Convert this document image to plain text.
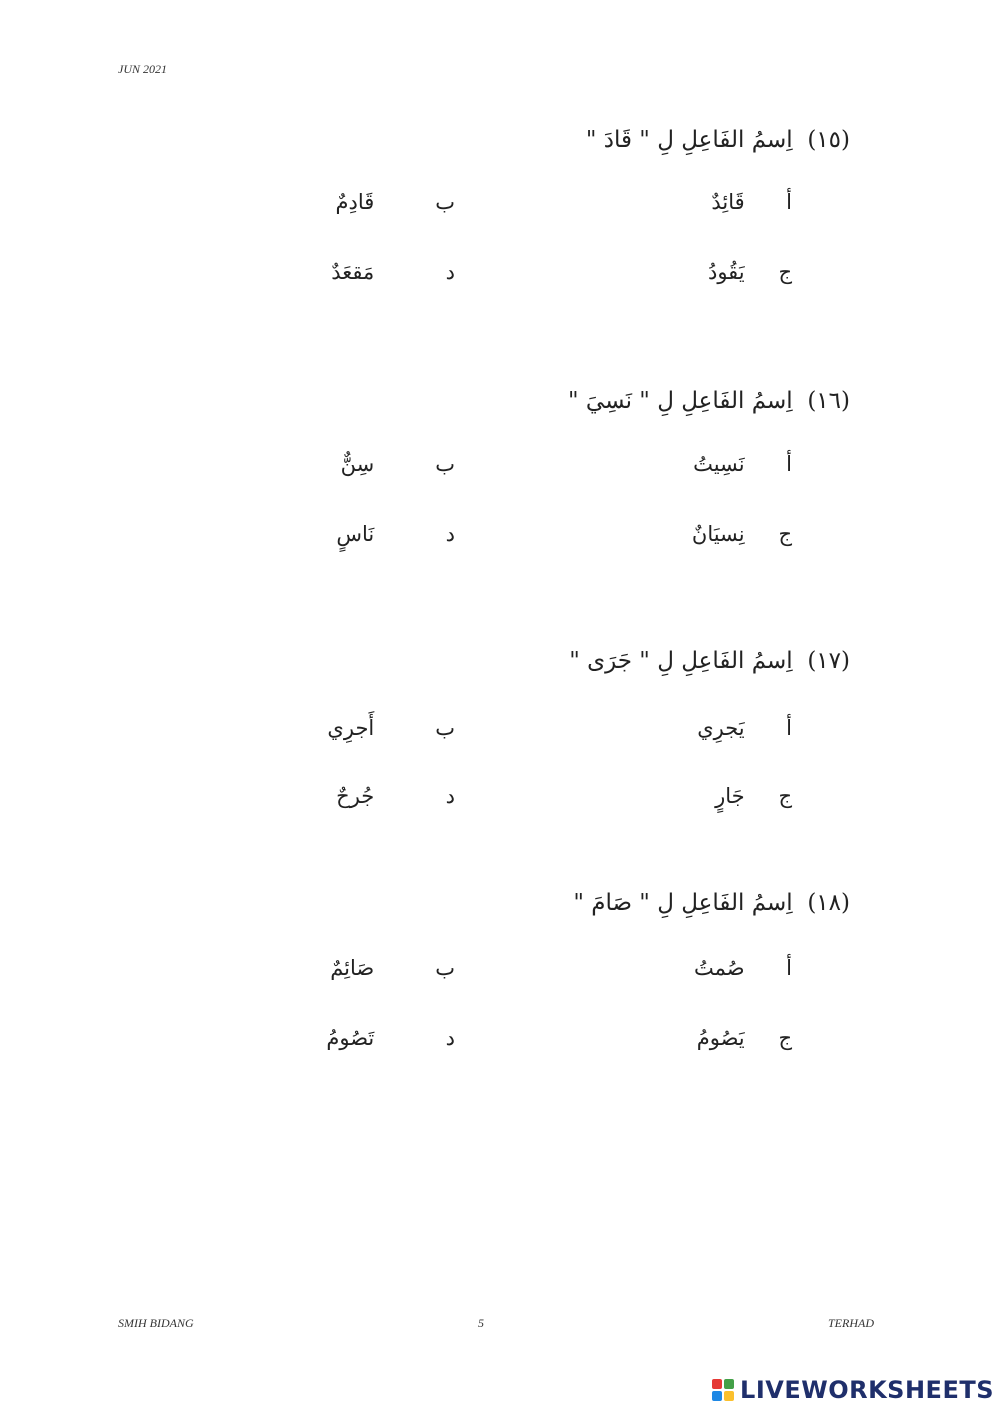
JUN 2021
(١٥)  اِسمُ الفَاعِلِ لِ " قَادَ "
أ  قَائِدٌ
ب       قَادِمٌ
ج  يَقُودُ
د       مَقعَدٌ
(١٦)  اِسمُ الفَاعِلِ لِ " نَسِيَ "
أ  نَسِيتُ
ب       سِنٌّ
ج  نِسيَانٌ
د       نَاسٍ
(١٧)  اِسمُ الفَاعِلِ لِ " جَرَى "
أ  يَجرِي
ب       أَجرِي
ج  جَارٍ
د       جُرحٌ
(١٨)  اِسمُ الفَاعِلِ لِ " صَامَ "
أ  صُمتُ
ب       صَائِمٌ
ج  يَصُومُ
د       تَصُومُ
SMIH BIDANG	5	TERHAD
LIVEWORKSHEETS
